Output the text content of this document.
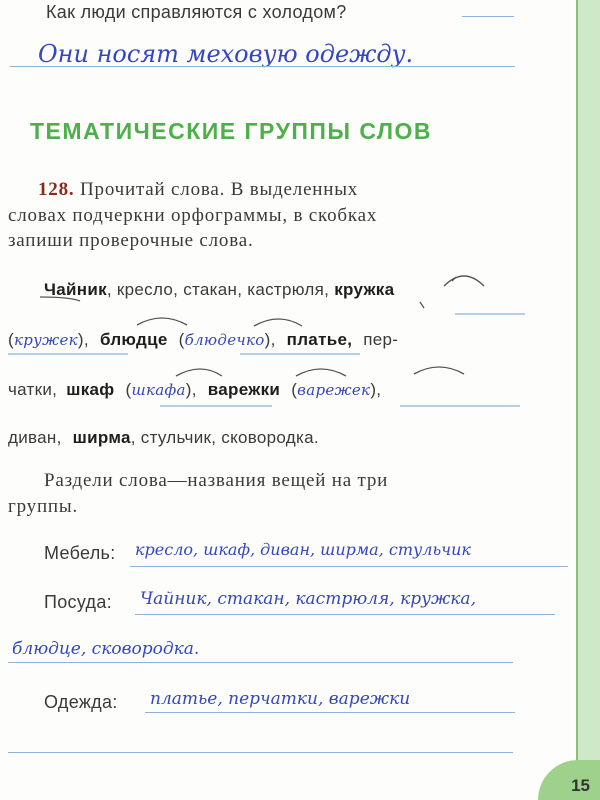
15
Как люди справляются с холодом?
Они носят меховую одежду.
ТЕМАТИЧЕСКИЕ ГРУППЫ СЛОВ
128. Прочитай слова. В выделенных
словах подчеркни орфограммы, в скобках
запиши проверочные слова.
Чайник, кресло, стакан, кастрюля, кружка
(кружек), блюдце (блюдечко), платье, пер-
чатки, шкаф (шкафа), варежки (варежек),
диван, ширма, стульчик, сковородка.
Раздели слова—названия вещей на три
группы.
Мебель: кресло, шкаф, диван, ширма, стульчик
Посуда: Чайник, стакан, кастрюля, кружка,
блюдце, сковородка.
Одежда: платье, перчатки, варежки
